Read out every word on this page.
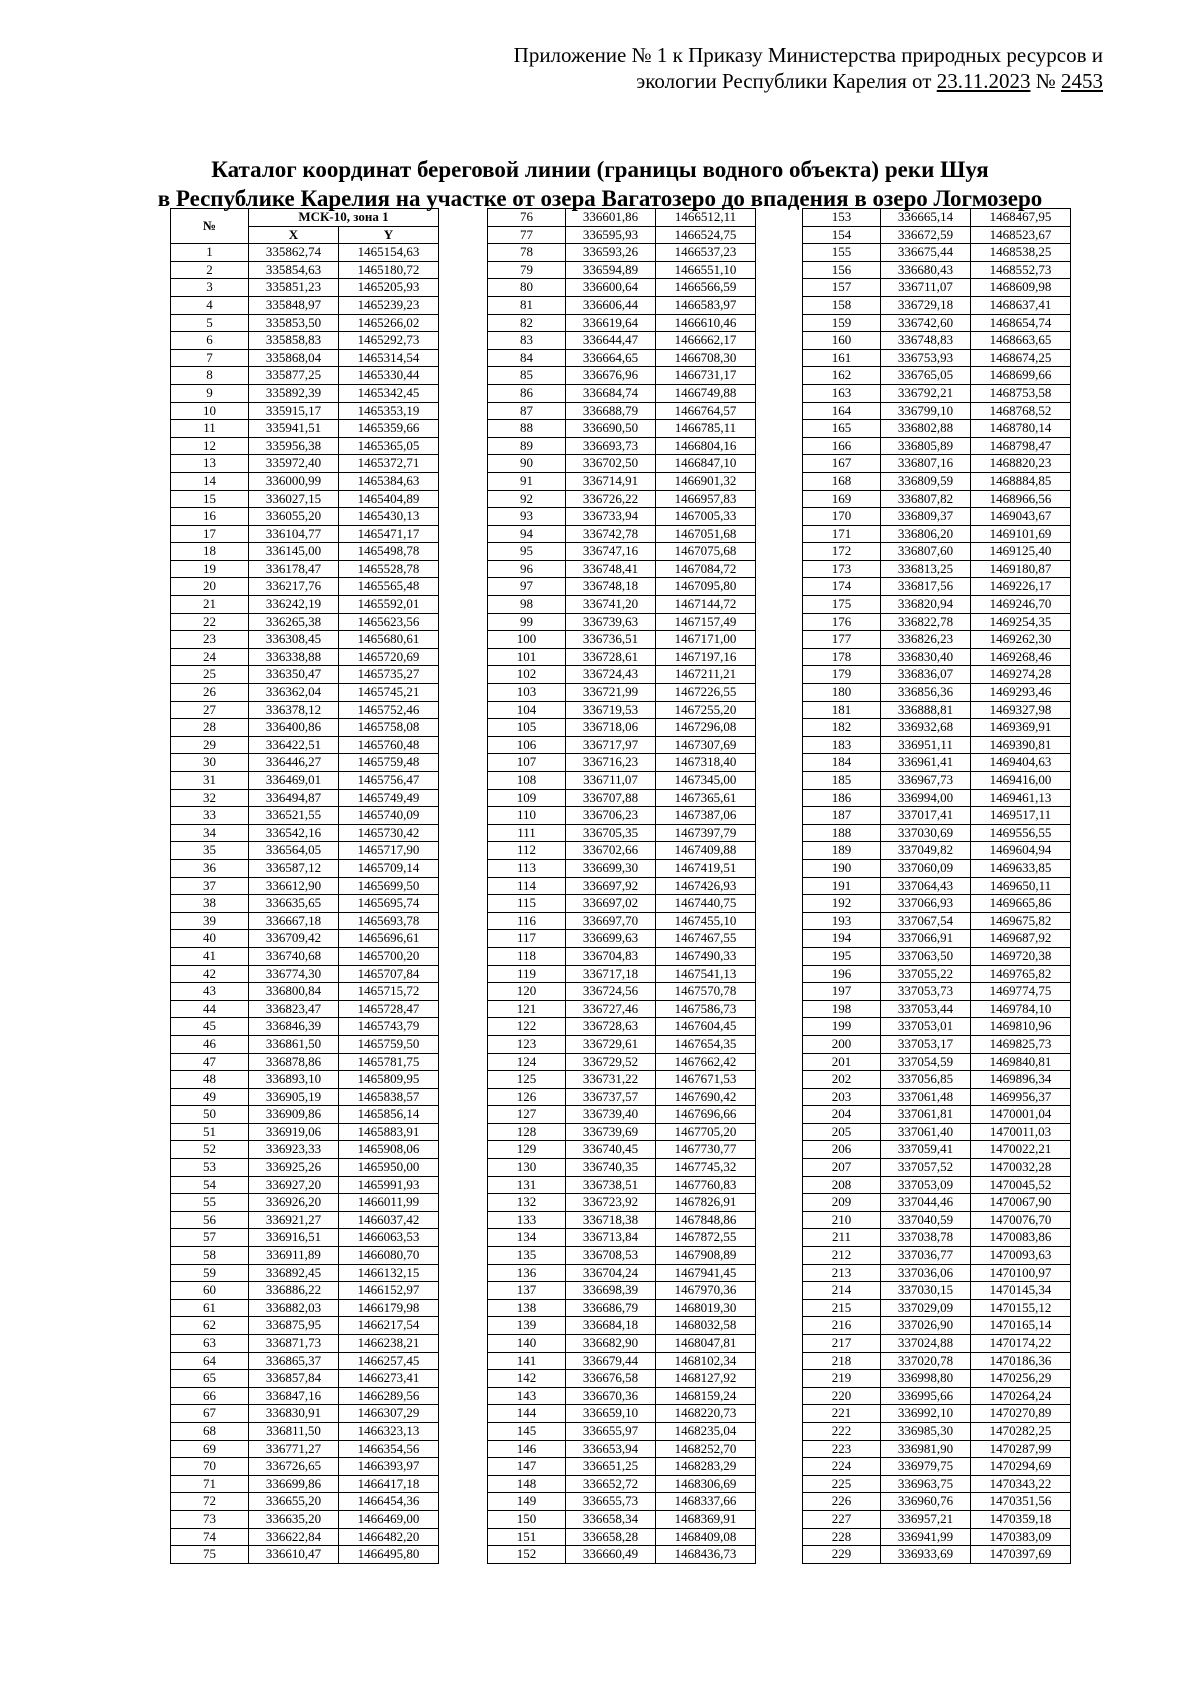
Приложение № 1 к Приказу Министерства природных ресурсов и
экологии Республики Карелия от 23.11.2023 № 2453
Каталог координат береговой линии (границы водного объекта) реки Шуя
в Республике Карелия на участке от озера Вагатозеро до впадения в озеро Логмозеро
№	МСК-10, зона 1	
	X	Y
1	335862,74	1465154,63
2	335854,63	1465180,72
3	335851,23	1465205,93
4	335848,97	1465239,23
5	335853,50	1465266,02
6	335858,83	1465292,73
7	335868,04	1465314,54
8	335877,25	1465330,44
9	335892,39	1465342,45
10	335915,17	1465353,19
11	335941,51	1465359,66
12	335956,38	1465365,05
13	335972,40	1465372,71
14	336000,99	1465384,63
15	336027,15	1465404,89
16	336055,20	1465430,13
17	336104,77	1465471,17
18	336145,00	1465498,78
19	336178,47	1465528,78
20	336217,76	1465565,48
21	336242,19	1465592,01
22	336265,38	1465623,56
23	336308,45	1465680,61
24	336338,88	1465720,69
25	336350,47	1465735,27
26	336362,04	1465745,21
27	336378,12	1465752,46
28	336400,86	1465758,08
29	336422,51	1465760,48
30	336446,27	1465759,48
31	336469,01	1465756,47
32	336494,87	1465749,49
33	336521,55	1465740,09
34	336542,16	1465730,42
35	336564,05	1465717,90
36	336587,12	1465709,14
37	336612,90	1465699,50
38	336635,65	1465695,74
39	336667,18	1465693,78
40	336709,42	1465696,61
41	336740,68	1465700,20
42	336774,30	1465707,84
43	336800,84	1465715,72
44	336823,47	1465728,47
45	336846,39	1465743,79
46	336861,50	1465759,50
47	336878,86	1465781,75
48	336893,10	1465809,95
49	336905,19	1465838,57
50	336909,86	1465856,14
51	336919,06	1465883,91
52	336923,33	1465908,06
53	336925,26	1465950,00
54	336927,20	1465991,93
55	336926,20	1466011,99
56	336921,27	1466037,42
57	336916,51	1466063,53
58	336911,89	1466080,70
59	336892,45	1466132,15
60	336886,22	1466152,97
61	336882,03	1466179,98
62	336875,95	1466217,54
63	336871,73	1466238,21
64	336865,37	1466257,45
65	336857,84	1466273,41
66	336847,16	1466289,56
67	336830,91	1466307,29
68	336811,50	1466323,13
69	336771,27	1466354,56
70	336726,65	1466393,97
71	336699,86	1466417,18
72	336655,20	1466454,36
73	336635,20	1466469,00
74	336622,84	1466482,20
75	336610,47	1466495,80
76	336601,86	1466512,11
77	336595,93	1466524,75
78	336593,26	1466537,23
79	336594,89	1466551,10
80	336600,64	1466566,59
81	336606,44	1466583,97
82	336619,64	1466610,46
83	336644,47	1466662,17
84	336664,65	1466708,30
85	336676,96	1466731,17
86	336684,74	1466749,88
87	336688,79	1466764,57
88	336690,50	1466785,11
89	336693,73	1466804,16
90	336702,50	1466847,10
91	336714,91	1466901,32
92	336726,22	1466957,83
93	336733,94	1467005,33
94	336742,78	1467051,68
95	336747,16	1467075,68
96	336748,41	1467084,72
97	336748,18	1467095,80
98	336741,20	1467144,72
99	336739,63	1467157,49
100	336736,51	1467171,00
101	336728,61	1467197,16
102	336724,43	1467211,21
103	336721,99	1467226,55
104	336719,53	1467255,20
105	336718,06	1467296,08
106	336717,97	1467307,69
107	336716,23	1467318,40
108	336711,07	1467345,00
109	336707,88	1467365,61
110	336706,23	1467387,06
111	336705,35	1467397,79
112	336702,66	1467409,88
113	336699,30	1467419,51
114	336697,92	1467426,93
115	336697,02	1467440,75
116	336697,70	1467455,10
117	336699,63	1467467,55
118	336704,83	1467490,33
119	336717,18	1467541,13
120	336724,56	1467570,78
121	336727,46	1467586,73
122	336728,63	1467604,45
123	336729,61	1467654,35
124	336729,52	1467662,42
125	336731,22	1467671,53
126	336737,57	1467690,42
127	336739,40	1467696,66
128	336739,69	1467705,20
129	336740,45	1467730,77
130	336740,35	1467745,32
131	336738,51	1467760,83
132	336723,92	1467826,91
133	336718,38	1467848,86
134	336713,84	1467872,55
135	336708,53	1467908,89
136	336704,24	1467941,45
137	336698,39	1467970,36
138	336686,79	1468019,30
139	336684,18	1468032,58
140	336682,90	1468047,81
141	336679,44	1468102,34
142	336676,58	1468127,92
143	336670,36	1468159,24
144	336659,10	1468220,73
145	336655,97	1468235,04
146	336653,94	1468252,70
147	336651,25	1468283,29
148	336652,72	1468306,69
149	336655,73	1468337,66
150	336658,34	1468369,91
151	336658,28	1468409,08
152	336660,49	1468436,73
153	336665,14	1468467,95
154	336672,59	1468523,67
155	336675,44	1468538,25
156	336680,43	1468552,73
157	336711,07	1468609,98
158	336729,18	1468637,41
159	336742,60	1468654,74
160	336748,83	1468663,65
161	336753,93	1468674,25
162	336765,05	1468699,66
163	336792,21	1468753,58
164	336799,10	1468768,52
165	336802,88	1468780,14
166	336805,89	1468798,47
167	336807,16	1468820,23
168	336809,59	1468884,85
169	336807,82	1468966,56
170	336809,37	1469043,67
171	336806,20	1469101,69
172	336807,60	1469125,40
173	336813,25	1469180,87
174	336817,56	1469226,17
175	336820,94	1469246,70
176	336822,78	1469254,35
177	336826,23	1469262,30
178	336830,40	1469268,46
179	336836,07	1469274,28
180	336856,36	1469293,46
181	336888,81	1469327,98
182	336932,68	1469369,91
183	336951,11	1469390,81
184	336961,41	1469404,63
185	336967,73	1469416,00
186	336994,00	1469461,13
187	337017,41	1469517,11
188	337030,69	1469556,55
189	337049,82	1469604,94
190	337060,09	1469633,85
191	337064,43	1469650,11
192	337066,93	1469665,86
193	337067,54	1469675,82
194	337066,91	1469687,92
195	337063,50	1469720,38
196	337055,22	1469765,82
197	337053,73	1469774,75
198	337053,44	1469784,10
199	337053,01	1469810,96
200	337053,17	1469825,73
201	337054,59	1469840,81
202	337056,85	1469896,34
203	337061,48	1469956,37
204	337061,81	1470001,04
205	337061,40	1470011,03
206	337059,41	1470022,21
207	337057,52	1470032,28
208	337053,09	1470045,52
209	337044,46	1470067,90
210	337040,59	1470076,70
211	337038,78	1470083,86
212	337036,77	1470093,63
213	337036,06	1470100,97
214	337030,15	1470145,34
215	337029,09	1470155,12
216	337026,90	1470165,14
217	337024,88	1470174,22
218	337020,78	1470186,36
219	336998,80	1470256,29
220	336995,66	1470264,24
221	336992,10	1470270,89
222	336985,30	1470282,25
223	336981,90	1470287,99
224	336979,75	1470294,69
225	336963,75	1470343,22
226	336960,76	1470351,56
227	336957,21	1470359,18
228	336941,99	1470383,09
229	336933,69	1470397,69
